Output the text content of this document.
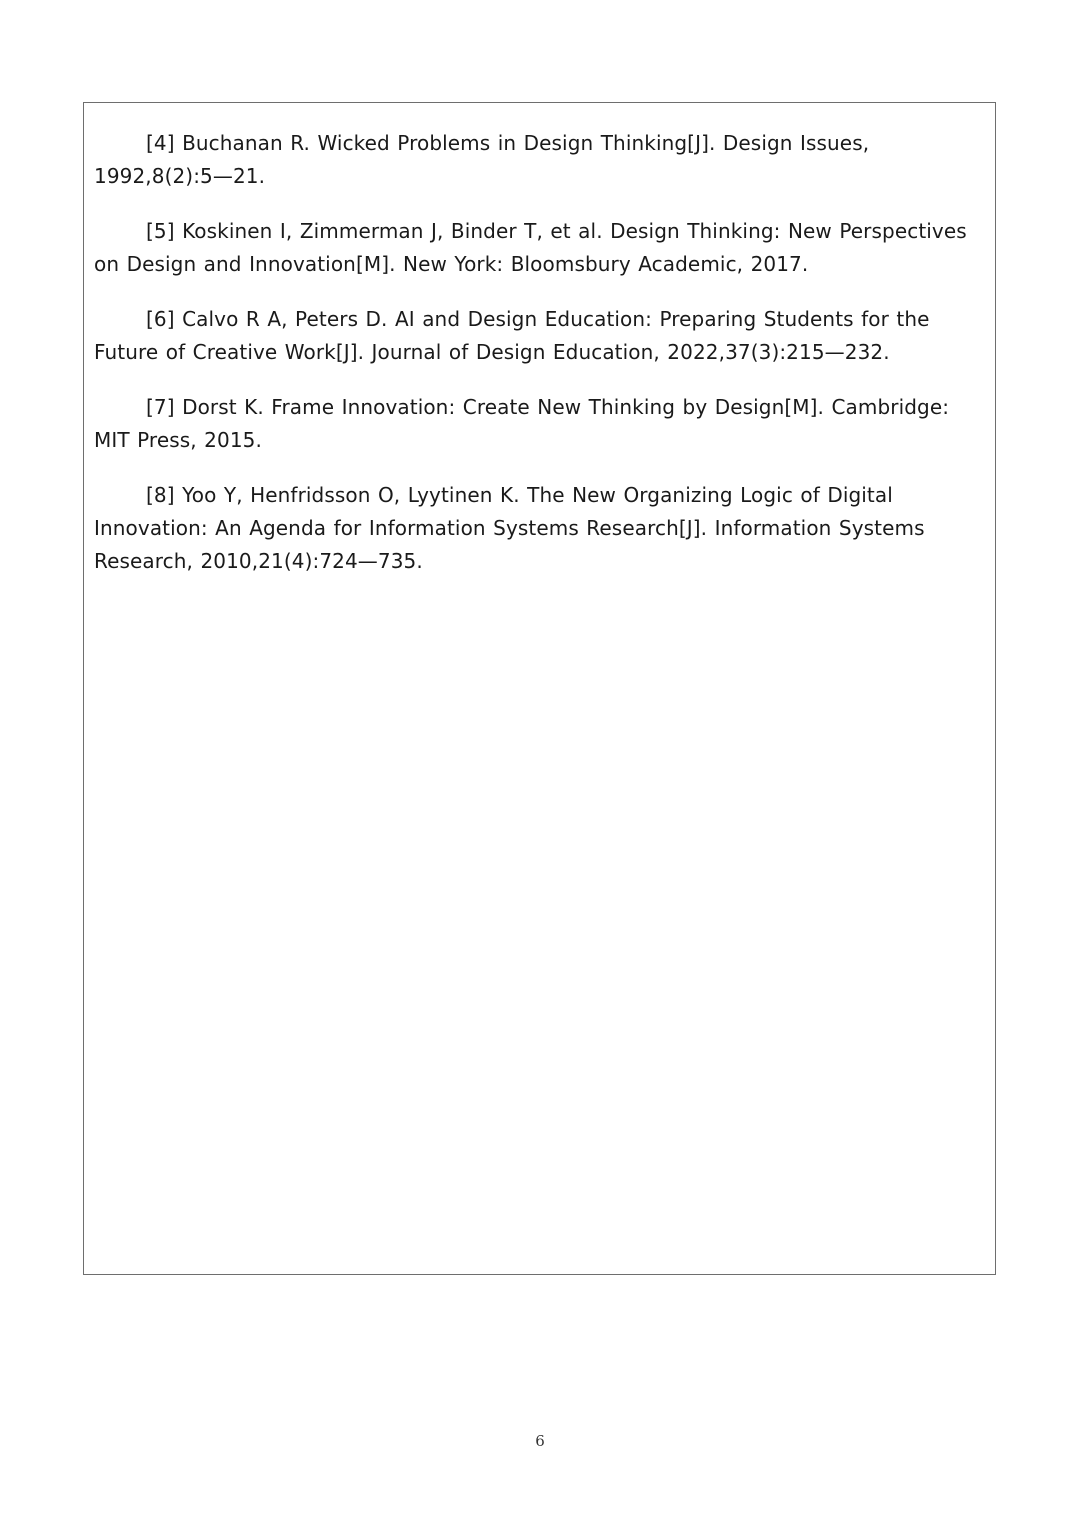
[4] Buchanan R. Wicked Problems in Design Thinking[J]. Design Issues, 1992,8(2):5—21.
[5] Koskinen I, Zimmerman J, Binder T, et al. Design Thinking: New Perspectives on Design and Innovation[M]. New York: Bloomsbury Academic, 2017.
[6] Calvo R A, Peters D. AI and Design Education: Preparing Students for the Future of Creative Work[J]. Journal of Design Education, 2022,37(3):215—232.
[7] Dorst K. Frame Innovation: Create New Thinking by Design[M]. Cambridge: MIT Press, 2015.
[8] Yoo Y, Henfridsson O, Lyytinen K. The New Organizing Logic of Digital Innovation: An Agenda for Information Systems Research[J]. Information Systems Research, 2010,21(4):724—735.
6
